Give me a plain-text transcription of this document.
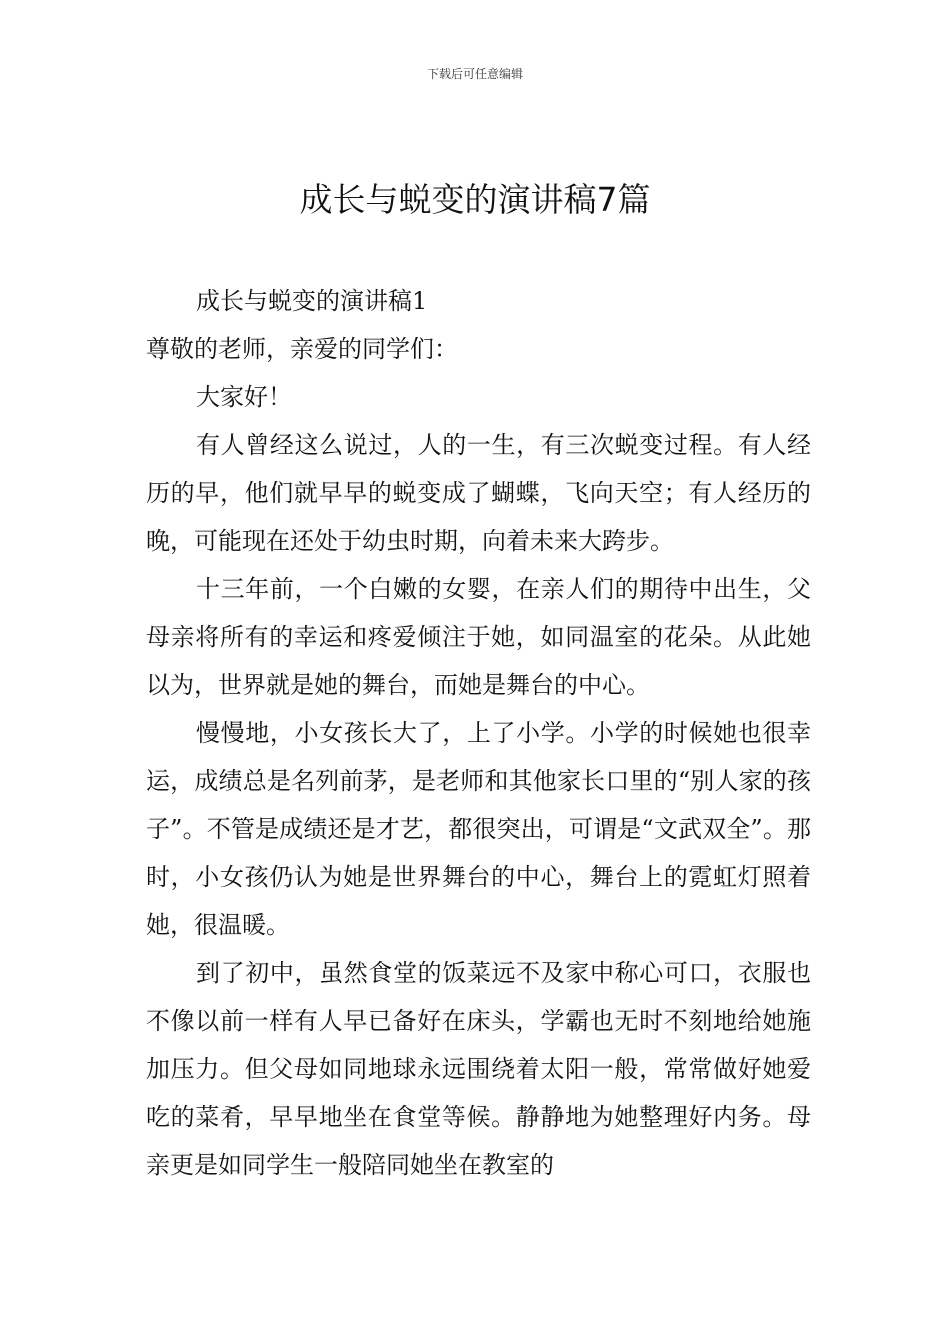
下载后可任意编辑
成长与蜕变的演讲稿7篇

成长与蜕变的演讲稿1

尊敬的老师，亲爱的同学们：

大家好！

有人曾经这么说过，人的一生，有三次蜕变过程。有人经历的早，他们就早早的蜕变成了蝴蝶，飞向天空；有人经历的晚，可能现在还处于幼虫时期，向着未来大跨步。

十三年前，一个白嫩的女婴，在亲人们的期待中出生，父母亲将所有的幸运和疼爱倾注于她，如同温室的花朵。从此她以为，世界就是她的舞台，而她是舞台的中心。

慢慢地，小女孩长大了，上了小学。小学的时候她也很幸运，成绩总是名列前茅，是老师和其他家长口里的“别人家的孩子”。不管是成绩还是才艺，都很突出，可谓是“文武双全”。那时，小女孩仍认为她是世界舞台的中心，舞台上的霓虹灯照着她，很温暖。

到了初中，虽然食堂的饭菜远不及家中称心可口，衣服也不像以前一样有人早已备好在床头，学霸也无时不刻地给她施加压力。但父母如同地球永远围绕着太阳一般，常常做好她爱吃的菜肴，早早地坐在食堂等候。静静地为她整理好内务。母亲更是如同学生一般陪同她坐在教室的
